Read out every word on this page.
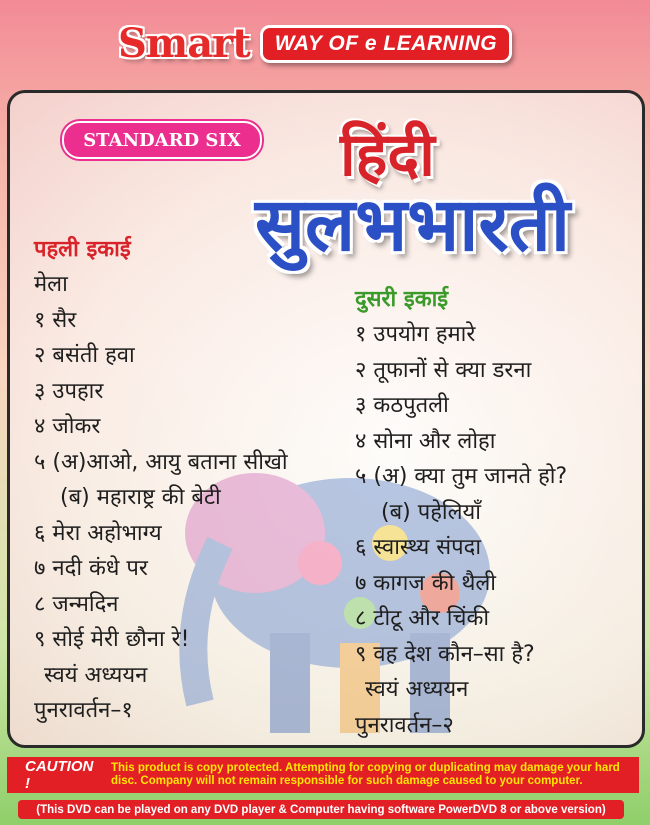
Smart	WAY OF e LEARNING
STANDARD SIX	हिंदी
सुलभभारती
पहली इकाई
मेला
१ सैर
२ बसंती हवा
३ उपहार
४ जोकर
५ (अ)आओ, आयु बताना सीखो
(ब) महाराष्ट्र की बेटी
६ मेरा अहोभाग्य
७ नदी कंधे पर
८ जन्मदिन
९ सोई मेरी छौना रे!
स्वयं अध्ययन
पुनरावर्तन–१
दुसरी इकाई
१ उपयोग हमारे
२ तूफानों से क्या डरना
३ कठपुतली
४ सोना और लोहा
५ (अ) क्या तुम जानते हो?
(ब) पहेलियाँ
६ स्वास्थ्य संपदा
७ कागज की थैली
८ टीटू और चिंकी
९ वह देश कौन–सा है?
स्वयं अध्ययन
पुनरावर्तन–२
CAUTION !
This product is copy protected. Attempting for copying or duplicating may damage your hard disc. Company will not remain responsible for such damage caused to your computer.
(This DVD can be played on any DVD player & Computer having software PowerDVD 8 or above version)
